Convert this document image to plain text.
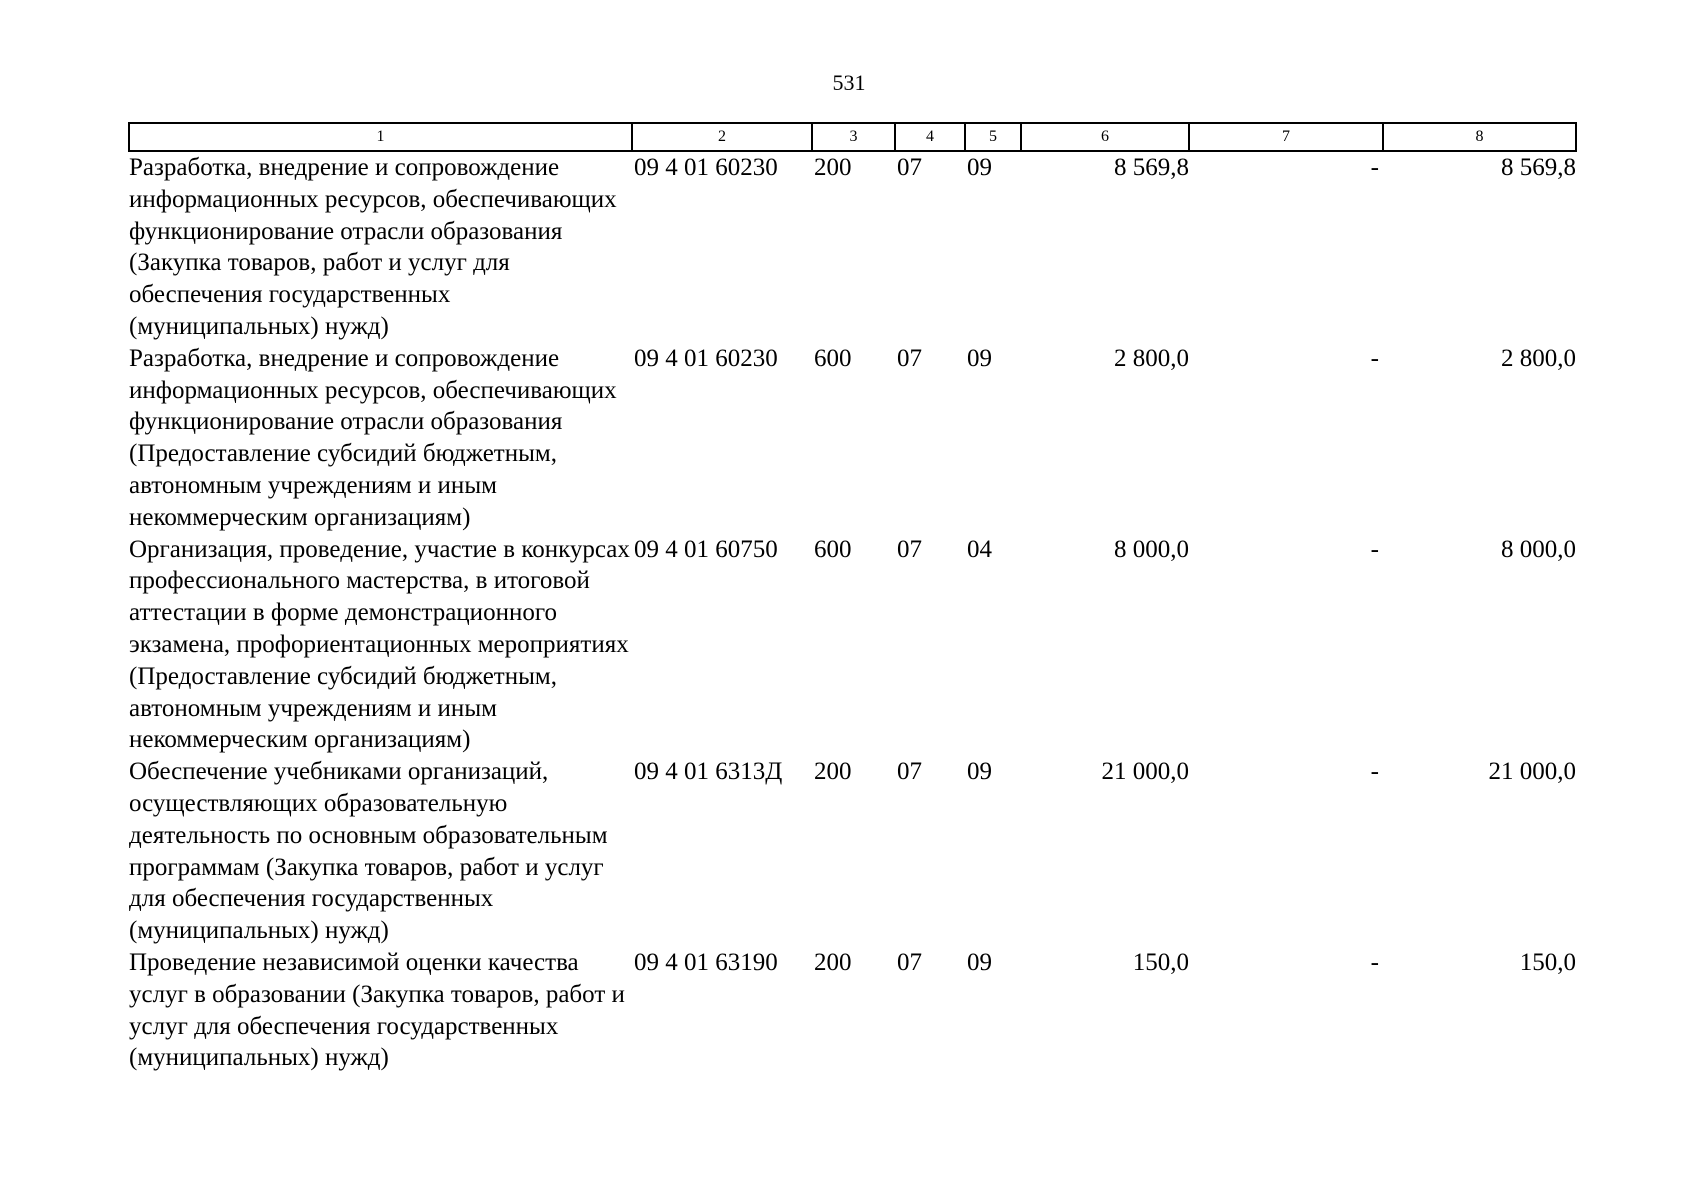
531
1	2	3	4	5	6	7	8
Разработка, внедрение и сопровождение информационных ресурсов, обеспечивающих функционирование отрасли образования (Закупка товаров, работ и услуг для обеспечения государственных (муниципальных) нужд)	09 4 01 60230	200	07	09	8 569,8	-	8 569,8
Разработка, внедрение и сопровождение информационных ресурсов, обеспечивающих функционирование отрасли образования (Предоставление субсидий бюджетным, автономным учреждениям и иным некоммерческим организациям)	09 4 01 60230	600	07	09	2 800,0	-	2 800,0
Организация, проведение, участие в конкурсах профессионального мастерства, в итоговой аттестации в форме демонстрационного экзамена, профориентационных мероприятиях (Предоставление субсидий бюджетным, автономным учреждениям и иным некоммерческим организациям)	09 4 01 60750	600	07	04	8 000,0	-	8 000,0
Обеспечение учебниками организаций, осуществляющих образовательную деятельность по основным образовательным программам (Закупка товаров, работ и услуг для обеспечения государственных (муниципальных) нужд)	09 4 01 6313Д	200	07	09	21 000,0	-	21 000,0
Проведение независимой оценки качества услуг в образовании (Закупка товаров, работ и услуг для обеспечения государственных (муниципальных) нужд)	09 4 01 63190	200	07	09	150,0	-	150,0
